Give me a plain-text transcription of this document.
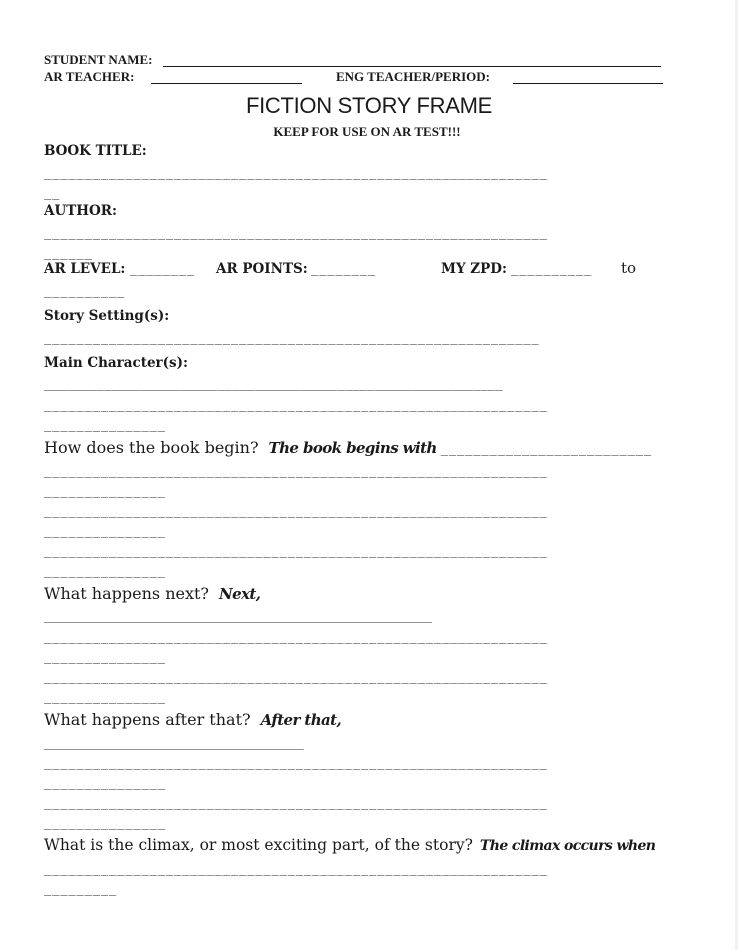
STUDENT NAME:
AR TEACHER:	ENG TEACHER/PERIOD:
FICTION STORY FRAME
KEEP FOR USE ON AR TEST!!!
BOOK TITLE:
______________________________________________________________
__
AUTHOR:
______________________________________________________________
______
AR LEVEL: ________ AR POINTS: ________	MY ZPD: __________ to
__________
Story Setting(s):
_____________________________________________________________
Main Character(s):
_____________________________________________________________
______________________________________________________________
_______________
How does the book begin? The book begins with __________________________
______________________________________________________________
_______________
______________________________________________________________
_______________
______________________________________________________________
_______________
What happens next? Next,
_____________________________________________________
______________________________________________________________
_______________
______________________________________________________________
_______________
What happens after that? After that,
______________________________________
______________________________________________________________
_______________
______________________________________________________________
_______________
What is the climax, or most exciting part, of the story? The climax occurs when
______________________________________________________________
_________
